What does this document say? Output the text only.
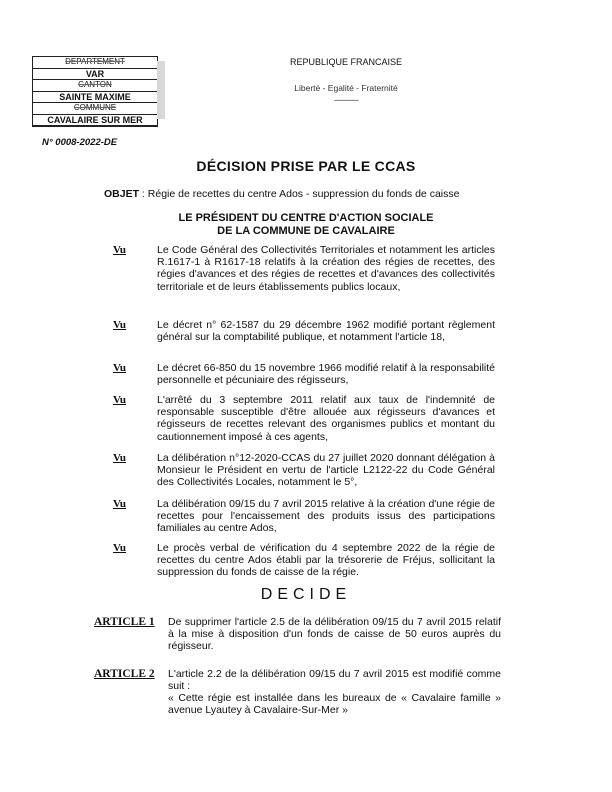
DEPARTEMENT
VAR
CANTON
SAINTE MAXIME
COMMUNE
CAVALAIRE SUR MER
REPUBLIQUE FRANCAISE
Liberté - Egalité - Fraternité
------------
N° 0008-2022-DE
DÉCISION PRISE PAR LE CCAS
OBJET : Régie de recettes du centre Ados - suppression du fonds de caisse
LE PRÉSIDENT DU CENTRE D'ACTION SOCIALE
DE LA COMMUNE DE CAVALAIRE
Vu	Le Code Général des Collectivités Territoriales et notamment les articles R.1617-1 à R1617-18 relatifs à la création des régies de recettes, des régies d'avances et des régies de recettes et d'avances des collectivités territoriale et de leurs établissements publics locaux,
Vu	Le décret n° 62-1587 du 29 décembre 1962 modifié portant règlement général sur la comptabilité publique, et notamment l'article 18,
Vu	Le décret 66-850 du 15 novembre 1966 modifié relatif à la responsabilité personnelle et pécuniaire des régisseurs,
Vu	L'arrêté du 3 septembre 2011 relatif aux taux de l'indemnité de responsable susceptible d'être allouée aux régisseurs d'avances et régisseurs de recettes relevant des organismes publics et montant du cautionnement imposé à ces agents,
Vu	La délibération n°12-2020-CCAS du 27 juillet 2020 donnant délégation à Monsieur le Président en vertu de l'article L2122-22 du Code Général des Collectivités Locales, notamment le 5°,
Vu	La délibération 09/15 du 7 avril 2015 relative à la création d'une régie de recettes pour l'encaissement des produits issus des participations familiales au centre Ados,
Vu	Le procès verbal de vérification du 4 septembre 2022 de la régie de recettes du centre Ados établi par la trésorerie de Fréjus, sollicitant la suppression du fonds de caisse de la régie.
DECIDE
ARTICLE 1 De supprimer l'article 2.5 de la délibération 09/15 du 7 avril 2015 relatif à la mise à disposition d'un fonds de caisse de 50 euros auprès du régisseur.
ARTICLE 2 L'article 2.2 de la délibération 09/15 du 7 avril 2015 est modifié comme suit :
« Cette régie est installée dans les bureaux de « Cavalaire famille » avenue Lyautey à Cavalaire-Sur-Mer »
